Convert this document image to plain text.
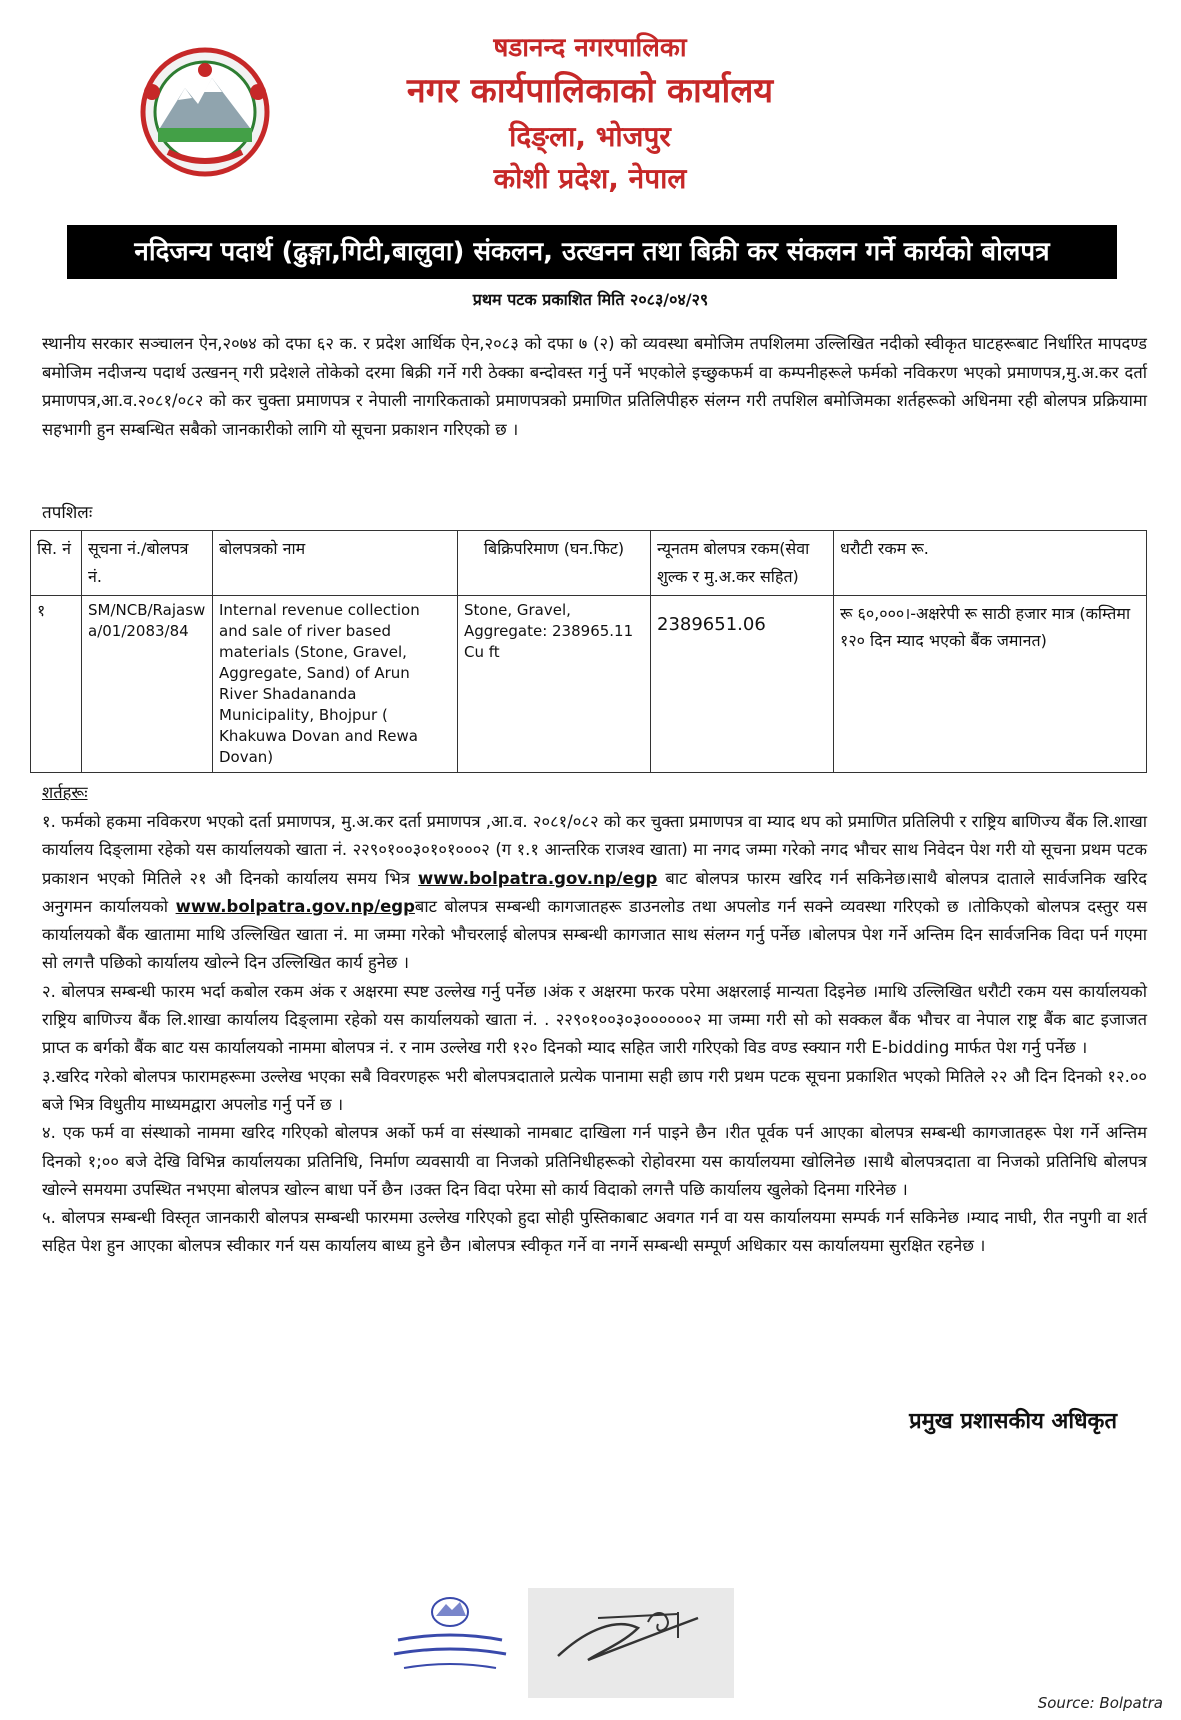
षडानन्द नगरपालिका
नगर कार्यपालिकाको कार्यालय
दिङ्ला, भोजपुर
कोशी प्रदेश, नेपाल
नदिजन्य पदार्थ (ढुङ्गा,गिटी,बालुवा) संकलन, उत्खनन तथा बिक्री कर संकलन गर्ने कार्यको बोलपत्र
प्रथम पटक प्रकाशित मिति २०८३/०४/२९
स्थानीय सरकार सञ्चालन ऐन,२०७४ को दफा ६२ क. र प्रदेश आर्थिक ऐन,२०८३ को दफा ७ (२) को व्यवस्था बमोजिम तपशिलमा उल्लिखित नदीको स्वीकृत घाटहरूबाट निर्धारित मापदण्ड बमोजिम नदीजन्य पदार्थ उत्खनन् गरी प्रदेशले तोकेको दरमा बिक्री गर्ने गरी ठेक्का बन्दोवस्त गर्नु पर्ने भएकोले इच्छुकफर्म वा कम्पनीहरूले फर्मको नविकरण भएको प्रमाणपत्र,मु.अ.कर दर्ता प्रमाणपत्र,आ.व.२०८१/०८२ को कर चुक्ता प्रमाणपत्र र नेपाली नागरिकताको प्रमाणपत्रको प्रमाणित प्रतिलिपीहरु संलग्न गरी तपशिल बमोजिमका शर्तहरूको अधिनमा रही बोलपत्र प्रक्रियामा सहभागी हुन सम्बन्धित सबैको जानकारीको लागि यो सूचना प्रकाशन गरिएको छ ।
तपशिलः
सि. नं	सूचना नं./बोलपत्र नं.	बोलपत्रको नाम	बिक्रिपरिमाण (घन.फिट)	न्यूनतम बोलपत्र रकम(सेवा शुल्क र मु.अ.कर सहित)	धरौटी रकम रू.
१	SM/NCB/Rajaswa/01/2083/84	Internal revenue collection and sale of river based materials (Stone, Gravel, Aggregate, Sand) of Arun River Shadananda Municipality, Bhojpur ( Khakuwa Dovan and Rewa Dovan)	Stone, Gravel, Aggregate: 238965.11 Cu ft	2389651.06	रू ६०,०००।-अक्षरेपी रू साठी हजार मात्र (कम्तिमा १२० दिन म्याद भएको बैंक जमानत)
शर्तहरूः

१. फर्मको हकमा नविकरण भएको दर्ता प्रमाणपत्र, मु.अ.कर दर्ता प्रमाणपत्र ,आ.व. २०८१/०८२ को कर चुक्ता प्रमाणपत्र वा म्याद थप को प्रमाणित प्रतिलिपी र राष्ट्रिय बाणिज्य बैंक लि.शाखा कार्यालय दिङ्लामा रहेको यस कार्यालयको खाता नं. २२९०१००३०१०१०००२ (ग १.१ आन्तरिक राजश्व खाता) मा नगद जम्मा गरेको नगद भौचर साथ निवेदन पेश गरी यो सूचना प्रथम पटक प्रकाशन भएको मितिले २१ औ दिनको कार्यालय समय भित्र www.bolpatra.gov.np/egp बाट बोलपत्र फारम खरिद गर्न सकिनेछ।साथै बोलपत्र दाताले सार्वजनिक खरिद अनुगमन कार्यालयको www.bolpatra.gov.np/egpबाट बोलपत्र सम्बन्धी कागजातहरू डाउनलोड तथा अपलोड गर्न सक्ने व्यवस्था गरिएको छ ।तोकिएको बोलपत्र दस्तुर यस कार्यालयको बैंक खातामा माथि उल्लिखित खाता नं. मा जम्मा गरेको भौचरलाई बोलपत्र सम्बन्धी कागजात साथ संलग्न गर्नु पर्नेछ ।बोलपत्र पेश गर्ने अन्तिम दिन सार्वजनिक विदा पर्न गएमा सो लगत्तै पछिको कार्यालय खोल्ने दिन उल्लिखित कार्य हुनेछ ।

२. बोलपत्र सम्बन्धी फारम भर्दा कबोल रकम अंक र अक्षरमा स्पष्ट उल्लेख गर्नु पर्नेछ ।अंक र अक्षरमा फरक परेमा अक्षरलाई मान्यता दिइनेछ ।माथि उल्लिखित धरौटी रकम यस कार्यालयको राष्ट्रिय बाणिज्य बैंक लि.शाखा कार्यालय दिङ्लामा रहेको यस कार्यालयको खाता नं. . २२९०१००३०३००००००२ मा जम्मा गरी सो को सक्कल बैंक भौचर वा नेपाल राष्ट्र बैंक बाट इजाजत प्राप्त क बर्गको बैंक बाट यस कार्यालयको नाममा बोलपत्र नं. र नाम उल्लेख गरी १२० दिनको म्याद सहित जारी गरिएको विड वण्ड स्क्यान गरी E-bidding मार्फत पेश गर्नु पर्नेछ ।

३.खरिद गरेको बोलपत्र फारामहरूमा उल्लेख भएका सबै विवरणहरू भरी बोलपत्रदाताले प्रत्येक पानामा सही छाप गरी प्रथम पटक सूचना प्रकाशित भएको मितिले २२ औ दिन दिनको १२.०० बजे भित्र विधुतीय माध्यमद्वारा अपलोड गर्नु पर्ने छ ।

४. एक फर्म वा संस्थाको नाममा खरिद गरिएको बोलपत्र अर्को फर्म वा संस्थाको नामबाट दाखिला गर्न पाइने छैन ।रीत पूर्वक पर्न आएका बोलपत्र सम्बन्धी कागजातहरू पेश गर्ने अन्तिम दिनको १;०० बजे देखि विभिन्न कार्यालयका प्रतिनिधि, निर्माण व्यवसायी वा निजको प्रतिनिधीहरूको रोहोवरमा यस कार्यालयमा खोलिनेछ ।साथै बोलपत्रदाता वा निजको प्रतिनिधि बोलपत्र खोल्ने समयमा उपस्थित नभएमा बोलपत्र खोल्न बाधा पर्ने छैन ।उक्त दिन विदा परेमा सो कार्य विदाको लगत्तै पछि कार्यालय खुलेको दिनमा गरिनेछ ।

५. बोलपत्र सम्बन्धी विस्तृत जानकारी बोलपत्र सम्बन्धी फारममा उल्लेख गरिएको हुदा सोही पुस्तिकाबाट अवगत गर्न वा यस कार्यालयमा सम्पर्क गर्न सकिनेछ ।म्याद नाघी, रीत नपुगी वा शर्त सहित पेश हुन आएका बोलपत्र स्वीकार गर्न यस कार्यालय बाध्य हुने छैन ।बोलपत्र स्वीकृत गर्ने वा नगर्ने सम्बन्धी सम्पूर्ण अधिकार यस कार्यालयमा सुरक्षित रहनेछ ।

प्रमुख प्रशासकीय अधिकृत
Source: Bolpatra
